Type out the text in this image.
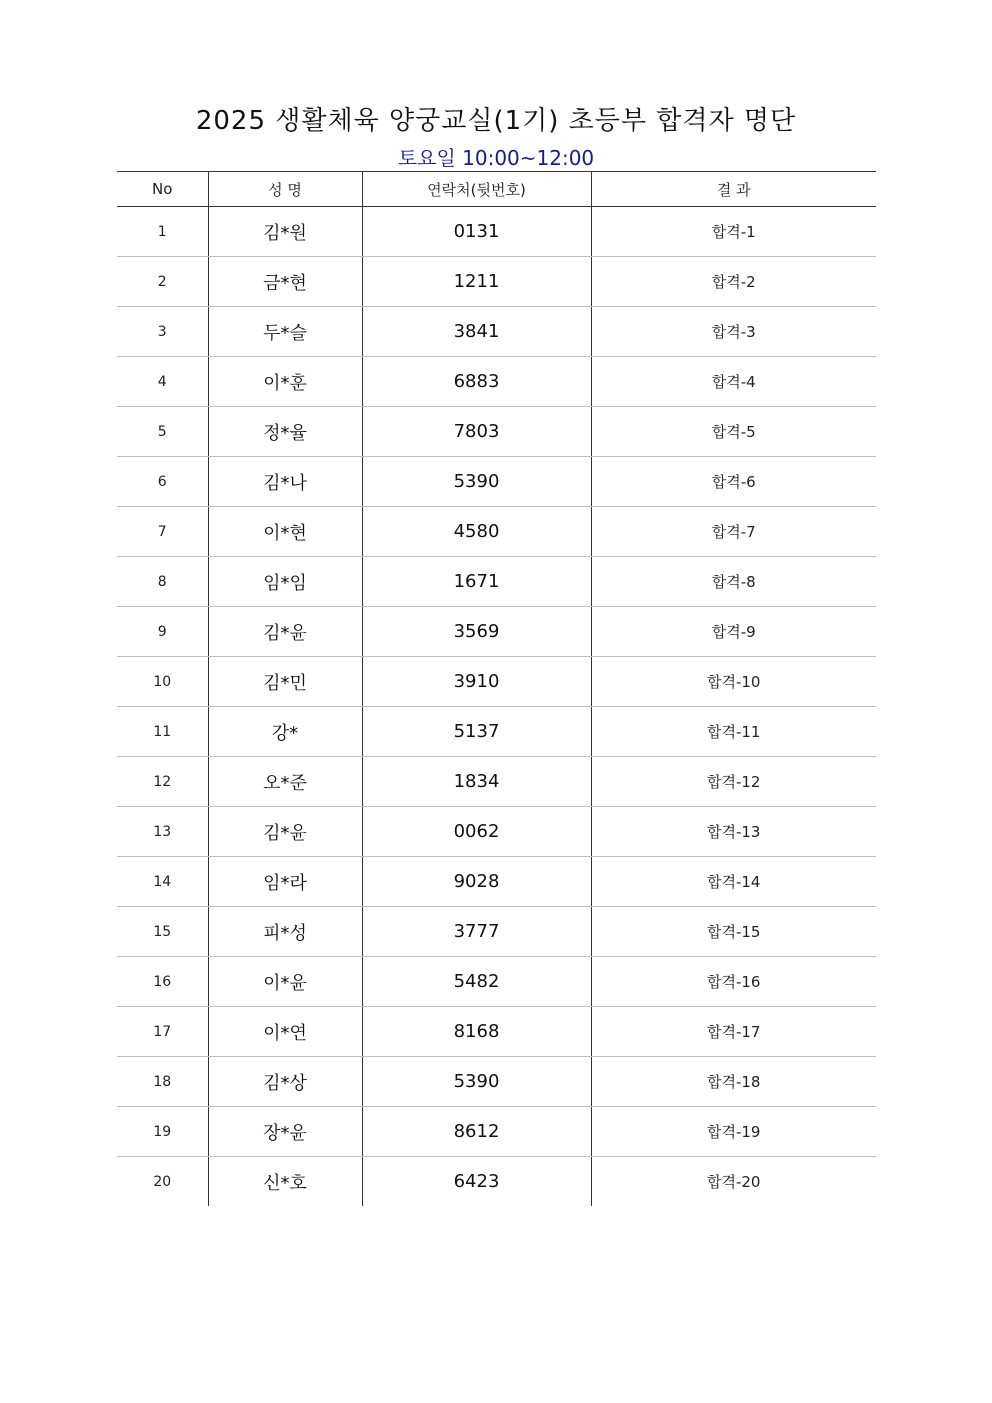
2025 생활체육 양궁교실(1기) 초등부 합격자 명단
토요일 10:00~12:00
No	성 명	연락처(뒷번호)	결 과
1	김*원	0131	합격-1
2	금*현	1211	합격-2
3	두*슬	3841	합격-3
4	이*훈	6883	합격-4
5	정*율	7803	합격-5
6	김*나	5390	합격-6
7	이*현	4580	합격-7
8	임*임	1671	합격-8
9	김*윤	3569	합격-9
10	김*민	3910	합격-10
11	강*	5137	합격-11
12	오*준	1834	합격-12
13	김*윤	0062	합격-13
14	임*라	9028	합격-14
15	피*성	3777	합격-15
16	이*윤	5482	합격-16
17	이*연	8168	합격-17
18	김*상	5390	합격-18
19	장*윤	8612	합격-19
20	신*호	6423	합격-20
